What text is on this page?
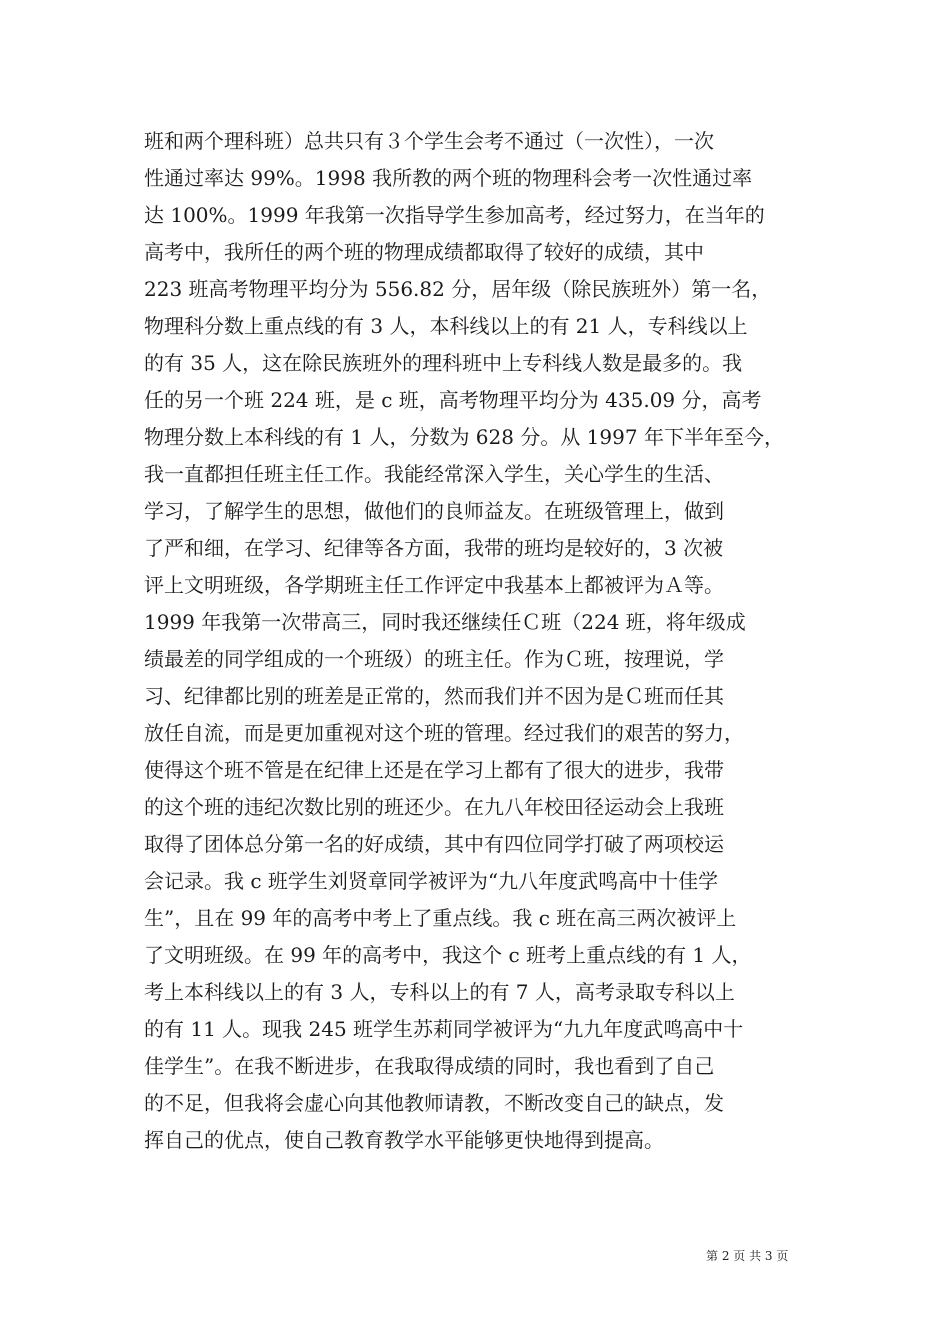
班和两个理科班）总共只有３个学生会考不通过（一次性），一次
性通过率达 99%。1998 我所教的两个班的物理科会考一次性通过率
达 100%。1999 年我第一次指导学生参加高考，经过努力，在当年的
高考中，我所任的两个班的物理成绩都取得了较好的成绩，其中
223 班高考物理平均分为 556.82 分，居年级（除民族班外）第一名，
物理科分数上重点线的有 3 人，本科线以上的有 21 人，专科线以上
的有 35 人，这在除民族班外的理科班中上专科线人数是最多的。我
任的另一个班 224 班，是 c 班，高考物理平均分为 435.09 分，高考
物理分数上本科线的有 1 人，分数为 628 分。从 1997 年下半年至今，
我一直都担任班主任工作。我能经常深入学生，关心学生的生活、
学习，了解学生的思想，做他们的良师益友。在班级管理上，做到
了严和细，在学习、纪律等各方面，我带的班均是较好的，3 次被
评上文明班级，各学期班主任工作评定中我基本上都被评为Ａ等。
1999 年我第一次带高三，同时我还继续任Ｃ班（224 班，将年级成
绩最差的同学组成的一个班级）的班主任。作为Ｃ班，按理说，学
习、纪律都比别的班差是正常的，然而我们并不因为是Ｃ班而任其
放任自流，而是更加重视对这个班的管理。经过我们的艰苦的努力，
使得这个班不管是在纪律上还是在学习上都有了很大的进步，我带
的这个班的违纪次数比别的班还少。在九八年校田径运动会上我班
取得了团体总分第一名的好成绩，其中有四位同学打破了两项校运
会记录。我 c 班学生刘贤章同学被评为“九八年度武鸣高中十佳学
生”，且在 99 年的高考中考上了重点线。我 c 班在高三两次被评上
了文明班级。在 99 年的高考中，我这个 c 班考上重点线的有 1 人，
考上本科线以上的有 3 人，专科以上的有 7 人，高考录取专科以上
的有 11 人。现我 245 班学生苏莉同学被评为“九九年度武鸣高中十
佳学生”。在我不断进步，在我取得成绩的同时，我也看到了自己
的不足，但我将会虚心向其他教师请教，不断改变自己的缺点，发
挥自己的优点，使自己教育教学水平能够更快地得到提高。
第 2 页 共 3 页
